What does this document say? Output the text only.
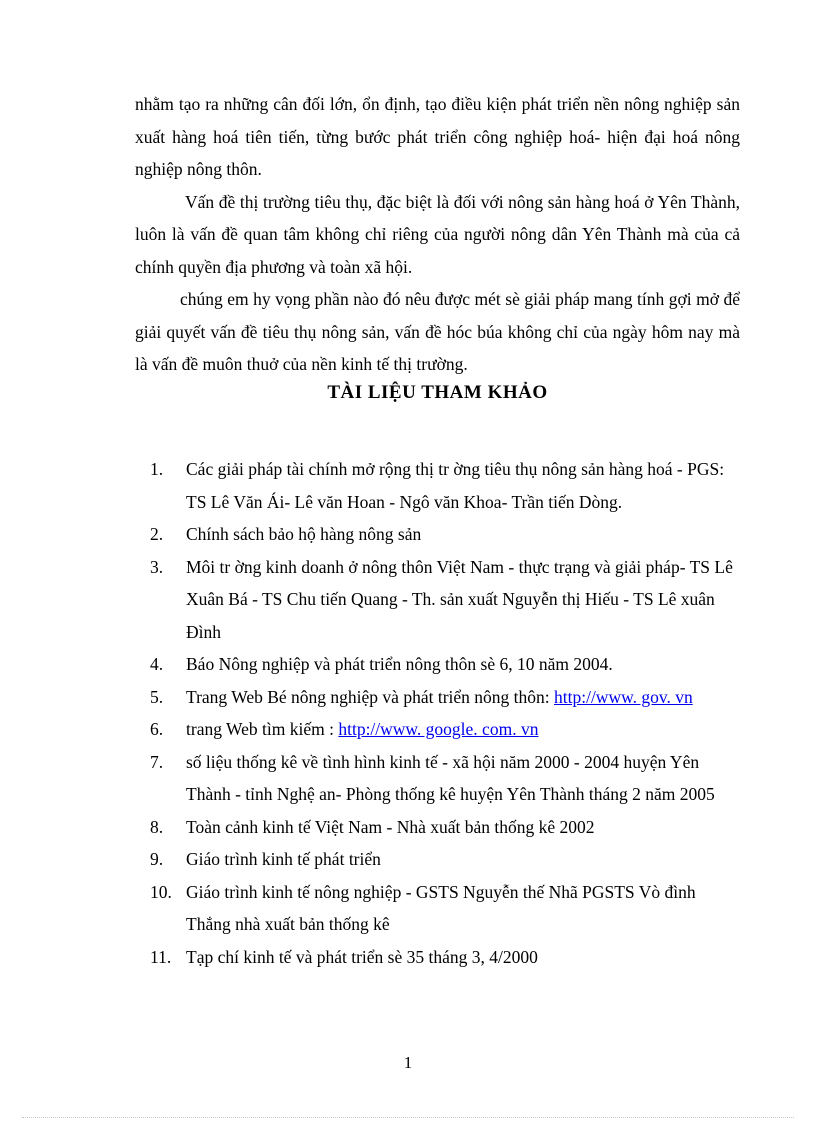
nhằm tạo ra những cân đối lớn, ổn định, tạo điều kiện phát triển nền nông nghiệp sản xuất hàng hoá tiên tiến, từng bước phát triển công nghiệp hoá- hiện đại hoá nông nghiệp nông thôn.

Vấn đề thị trường tiêu thụ, đặc biệt là đối với nông sản hàng hoá ở Yên Thành, luôn là vấn đề quan tâm không chỉ riêng của người nông dân Yên Thành mà của cả chính quyền địa phương và toàn xã hội.

chúng em hy vọng phần nào đó nêu được mét sè giải pháp mang tính gợi mở để giải quyết vấn đề tiêu thụ nông sản, vấn đề hóc búa không chỉ của ngày hôm nay mà là vấn đề muôn thuở của nền kinh tế thị trường.

TÀI LIỆU THAM KHẢO
1.	Các giải pháp tài chính mở rộng thị tr ờng tiêu thụ nông sản hàng hoá - PGS: TS Lê Văn Ái- Lê văn Hoan - Ngô văn Khoa- Trần tiến Dòng.
2.	Chính sách bảo hộ hàng nông sản
3.	Môi tr ờng kinh doanh ở nông thôn Việt Nam - thực trạng và giải pháp- TS Lê Xuân Bá - TS Chu tiến Quang - Th. sản xuất Nguyễn thị Hiếu - TS Lê xuân Đình
4.	Báo Nông nghiệp và phát triển nông thôn sè 6, 10 năm 2004.
5.	Trang Web Bé nông nghiệp và phát triển nông thôn: http://www. gov. vn
6.	trang Web tìm kiếm : http://www. google. com. vn
7.	số liệu thống kê về tình hình kinh tế - xã hội năm 2000 - 2004 huyện Yên Thành - tỉnh Nghệ an- Phòng thống kê huyện Yên Thành tháng 2 năm 2005
8.	Toàn cảnh kinh tế Việt Nam - Nhà xuất bản thống kê 2002
9.	Giáo trình kinh tế phát triển
10. Giáo trình kinh tế nông nghiệp - GSTS Nguyễn thế Nhã PGSTS Vò đình Thắng nhà xuất bản thống kê
11. Tạp chí kinh tế và phát triển sè 35 tháng 3, 4/2000
1
